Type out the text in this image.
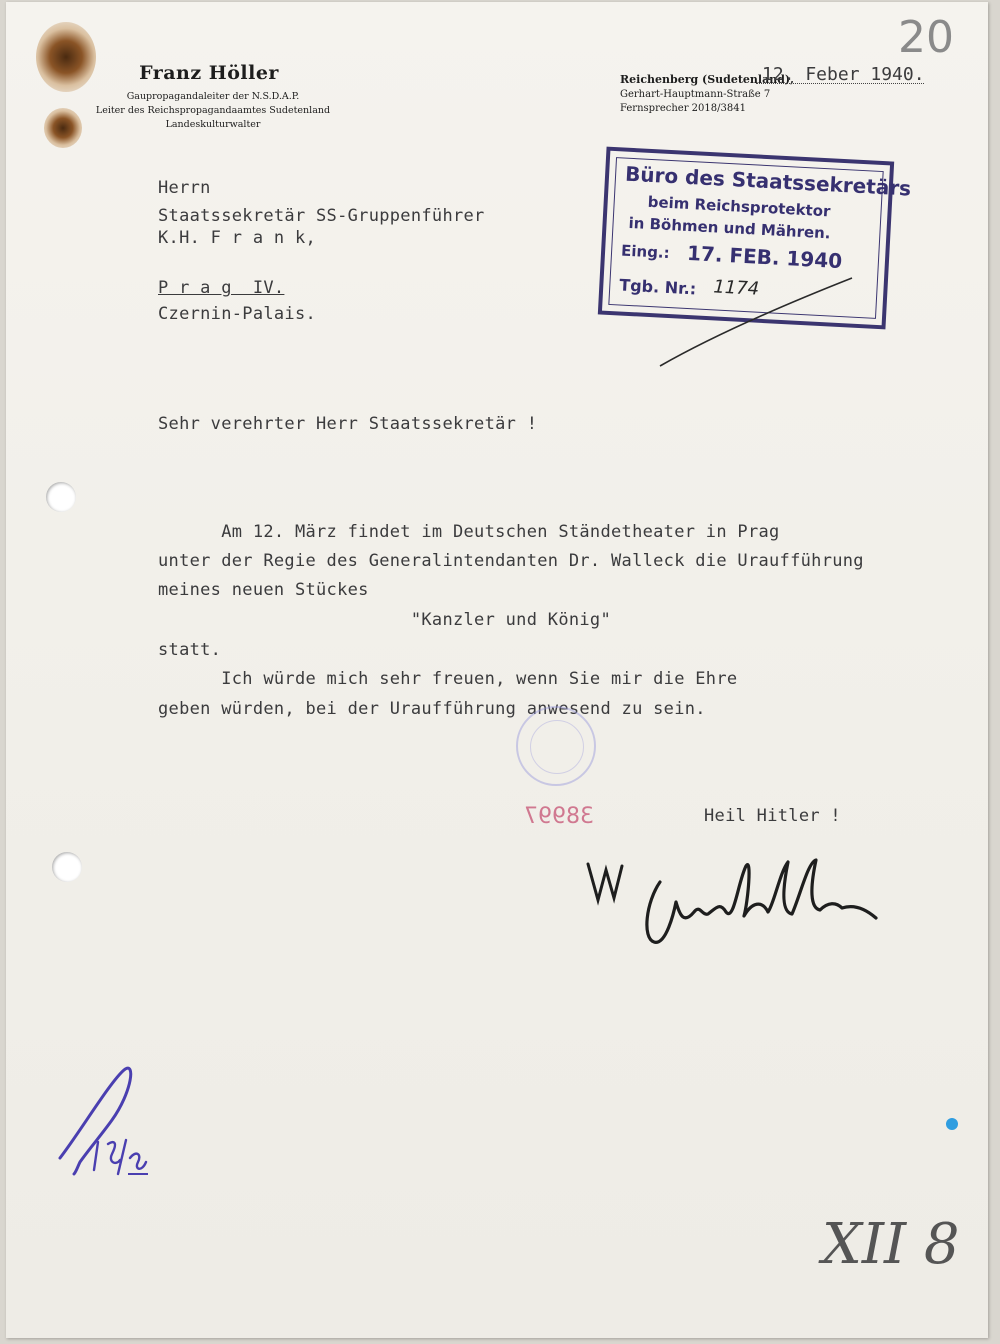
Franz Höller
Gaupropagandaleiter der N.S.D.A.P.
Leiter des Reichspropagandaamtes Sudetenland
Landeskulturwalter
Reichenberg (Sudetenland),
Gerhart-Hauptmann-Straße 7
Fernsprecher 2018/3841
12. Feber 1940.
20
Herrn
Staatssekretär SS-Gruppenführer
K.H. F r a n k,
P r a g  IV.
Czernin-Palais.
Büro des Staatssekretärs
beim Reichsprotektor
in Böhmen und Mähren.
Eing.: 17. FEB. 1940
Tgb. Nr.: 1174
Sehr verehrter Herr Staatssekretär !
Am 12. März findet im Deutschen Ständetheater in Prag
unter der Regie des Generalintendanten Dr. Walleck die Uraufführung
meines neuen Stückes
"Kanzler und König"
statt.
Ich würde mich sehr freuen, wenn Sie mir die Ehre
geben würden, bei der Uraufführung anwesend zu sein.
38997	Heil Hitler !
XII 8
